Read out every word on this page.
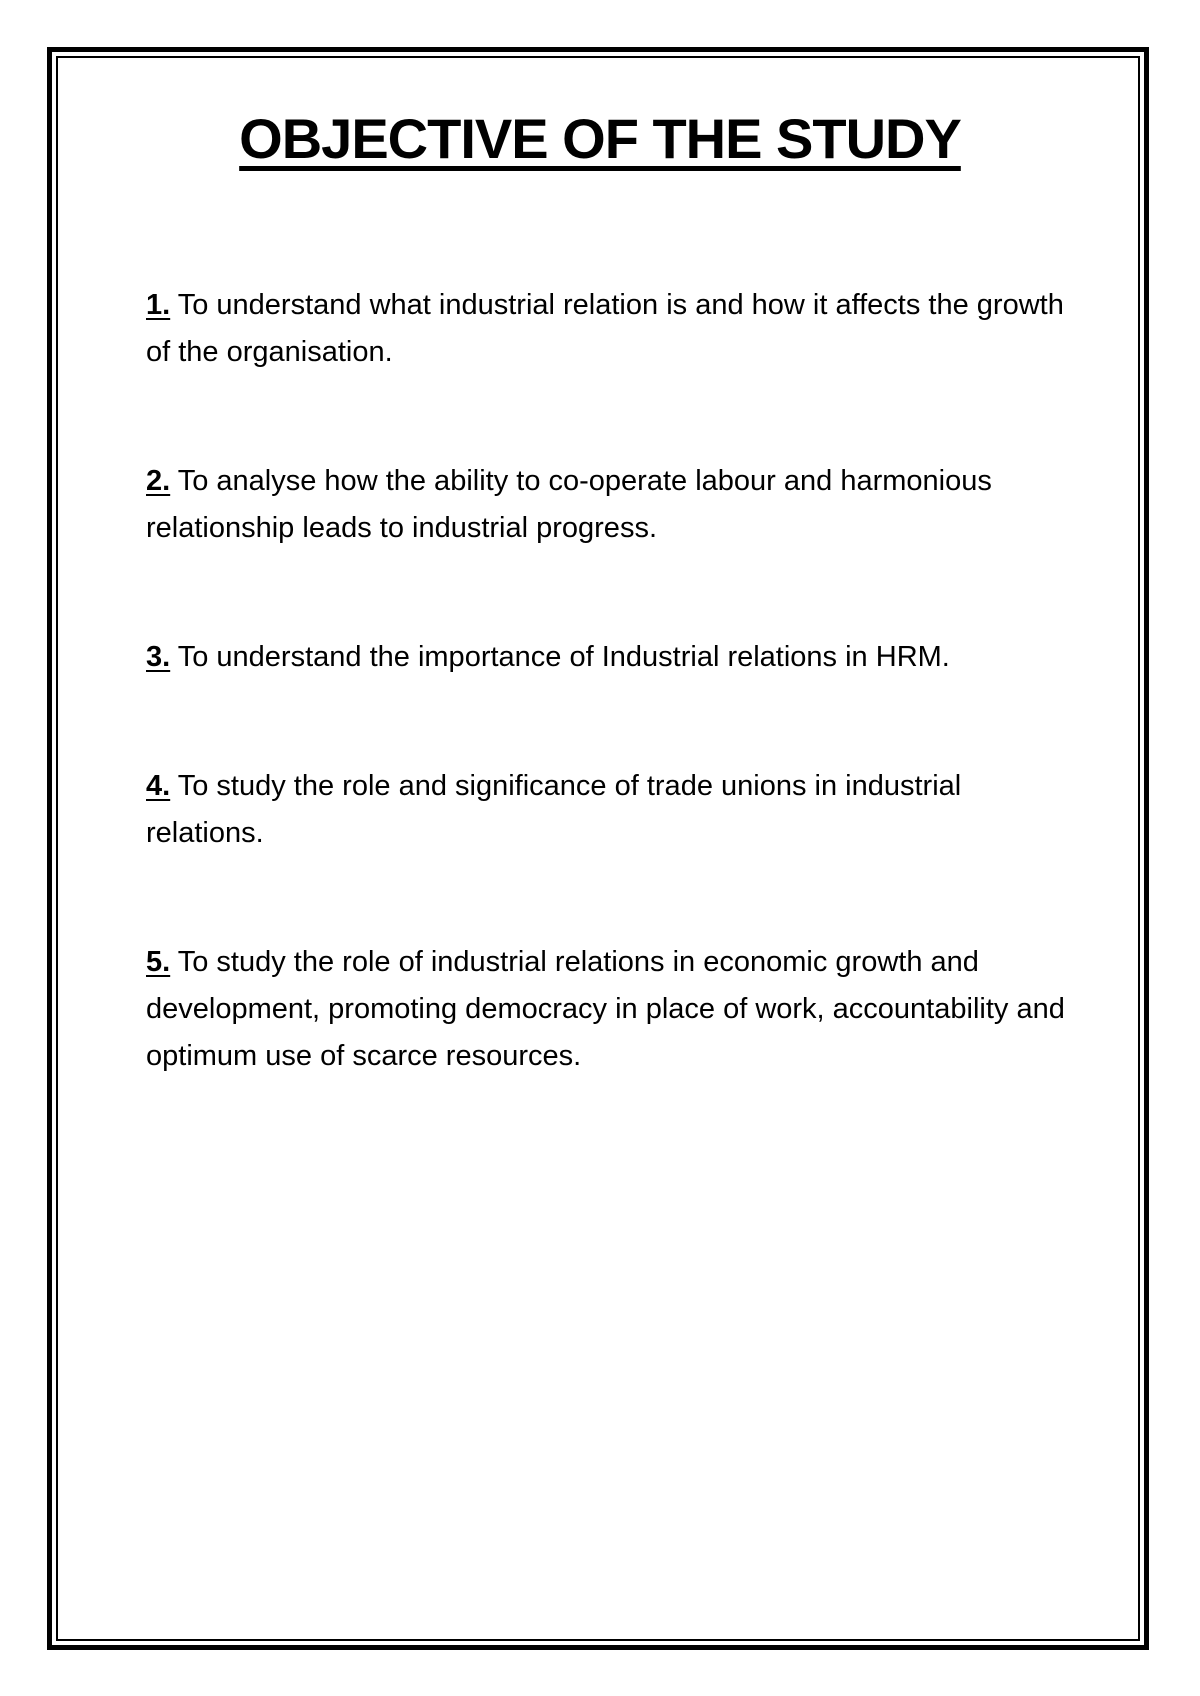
OBJECTIVE OF THE STUDY
1. To understand what industrial relation is and how it affects the growth of the organisation.
2. To analyse how the ability to co-operate labour and harmonious relationship leads to industrial progress.
3. To understand the importance of Industrial relations in HRM.
4. To study the role and significance of trade unions in industrial relations.
5. To study the role of industrial relations in economic growth and development, promoting democracy in place of work, accountability and optimum use of scarce resources.
